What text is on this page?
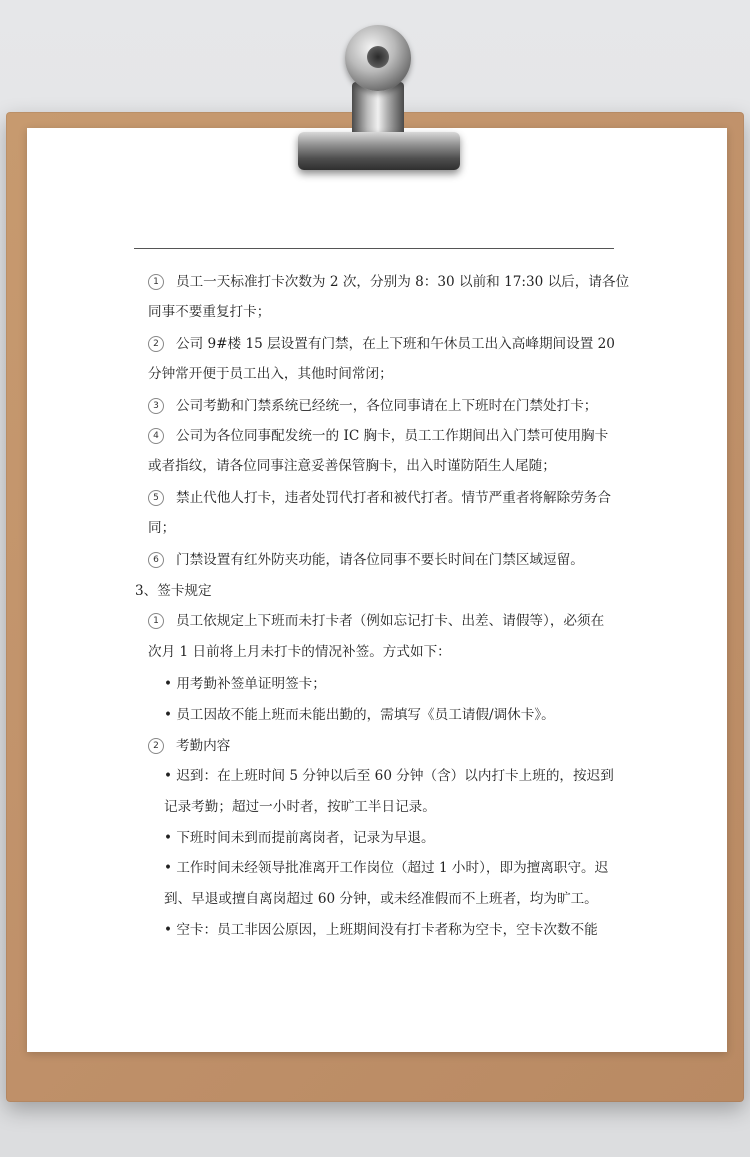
1 员工一天标准打卡次数为 2 次，分别为 8：30 以前和 17:30 以后，请各位
同事不要重复打卡；
2 公司 9#楼 15 层设置有门禁，在上下班和午休员工出入高峰期间设置 20
分钟常开便于员工出入，其他时间常闭；
3 公司考勤和门禁系统已经统一，各位同事请在上下班时在门禁处打卡；
4 公司为各位同事配发统一的 IC 胸卡，员工工作期间出入门禁可使用胸卡
或者指纹，请各位同事注意妥善保管胸卡，出入时谨防陌生人尾随；
5 禁止代他人打卡，违者处罚代打者和被代打者。情节严重者将解除劳务合
同；
6 门禁设置有红外防夹功能，请各位同事不要长时间在门禁区域逗留。
3、签卡规定
1 员工依规定上下班而未打卡者（例如忘记打卡、出差、请假等），必须在
次月 1 日前将上月未打卡的情况补签。方式如下：
• 用考勤补签单证明签卡；
• 员工因故不能上班而未能出勤的，需填写《员工请假/调休卡》。
2 考勤内容
• 迟到：在上班时间 5 分钟以后至 60 分钟（含）以内打卡上班的，按迟到
记录考勤；超过一小时者，按旷工半日记录。
• 下班时间未到而提前离岗者，记录为早退。
• 工作时间未经领导批准离开工作岗位（超过 1 小时），即为擅离职守。迟
到、早退或擅自离岗超过 60 分钟，或未经准假而不上班者，均为旷工。
• 空卡：员工非因公原因，上班期间没有打卡者称为空卡，空卡次数不能
